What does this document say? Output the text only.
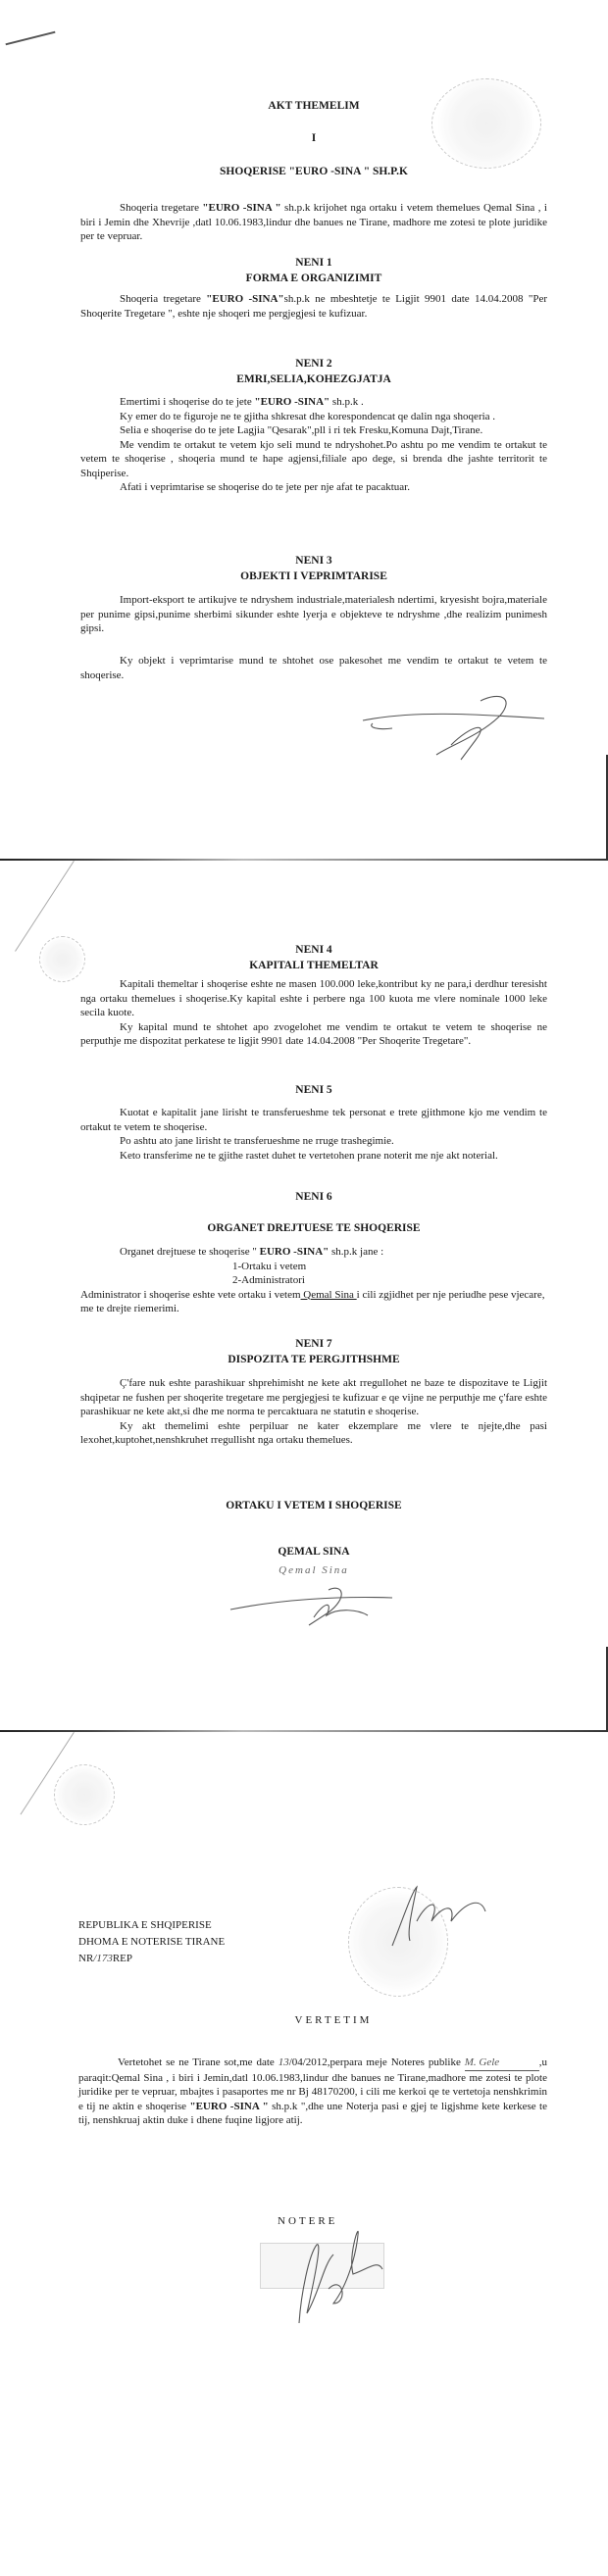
AKT THEMELIM
I
SHOQERISE "EURO -SINA " SH.P.K
Shoqeria tregetare "EURO -SINA " sh.p.k krijohet nga ortaku i vetem themelues Qemal Sina , i biri i Jemin dhe Xhevrije ,datl 10.06.1983,lindur dhe banues ne Tirane, madhore me zotesi te plote juridike per te vepruar.
NENI 1
FORMA E ORGANIZIMIT
Shoqeria tregetare "EURO -SINA"sh.p.k ne mbeshtetje te Ligjit 9901 date 14.04.2008 "Per Shoqerite Tregetare ", eshte nje shoqeri me pergjegjesi te kufizuar.
NENI 2
EMRI,SELIA,KOHEZGJATJA
Emertimi i shoqerise do te jete "EURO -SINA" sh.p.k .
Ky emer do te figuroje ne te gjitha shkresat dhe korespondencat qe dalin nga shoqeria .
Selia e shoqerise do te jete Lagjia "Qesarak",pll i ri tek Fresku,Komuna Dajt,Tirane.
Me vendim te ortakut te vetem kjo seli mund te ndryshohet.Po ashtu po me vendim te ortakut te vetem te shoqerise , shoqeria mund te hape agjensi,filiale apo dege, si brenda dhe jashte territorit te Shqiperise.
Afati i veprimtarise se shoqerise do te jete per nje afat te pacaktuar.
NENI 3
OBJEKTI I VEPRIMTARISE
Import-eksport te artikujve te ndryshem industriale,materialesh ndertimi, kryesisht bojra,materiale per punime gipsi,punime sherbimi sikunder eshte lyerja e objekteve te ndryshme ,dhe realizim punimesh gipsi.
Ky objekt i veprimtarise mund te shtohet ose pakesohet me vendim te ortakut te vetem te shoqerise.
NENI 4
KAPITALI THEMELTAR
Kapitali themeltar i shoqerise eshte ne masen 100.000 leke,kontribut ky ne para,i derdhur teresisht nga ortaku themelues i shoqerise.Ky kapital eshte i perbere nga 100 kuota me vlere nominale 1000 leke secila kuote.
Ky kapital mund te shtohet apo zvogelohet me vendim te ortakut te vetem te shoqerise ne perputhje me dispozitat perkatese te ligjit 9901 date 14.04.2008 "Per Shoqerite Tregetare".
NENI 5
Kuotat e kapitalit jane lirisht te transferueshme tek personat e trete gjithmone kjo me vendim te ortakut te vetem te shoqerise.
Po ashtu ato jane lirisht te transferueshme ne rruge trashegimie.
Keto transferime ne te gjithe rastet duhet te vertetohen prane noterit me nje akt noterial.
NENI 6
ORGANET DREJTUESE TE SHOQERISE
Organet drejtuese te shoqerise " EURO -SINA" sh.p.k jane :
1-Ortaku i vetem
2-Administratori
Administrator i shoqerise eshte vete ortaku i vetem Qemal Sina i cili zgjidhet per nje periudhe pese vjecare, me te drejte riemerimi.
NENI 7
DISPOZITA TE PERGJITHSHME
Ç'fare nuk eshte parashikuar shprehimisht ne kete akt rregullohet ne baze te dispozitave te Ligjit shqipetar ne fushen per shoqerite tregetare me pergjegjesi te kufizuar e qe vijne ne perputhje me ç'fare eshte parashikuar ne kete akt,si dhe me norma te percaktuara ne statutin e shoqerise.
Ky akt themelimi eshte perpiluar ne kater ekzemplare me vlere te njejte,dhe pasi lexohet,kuptohet,nenshkruhet rregullisht nga ortaku themelues.
ORTAKU I VETEM I SHOQERISE
QEMAL SINA
Qemal Sina
REPUBLIKA E SHQIPERISE
DHOMA E NOTERISE TIRANE
NR/173REP
VERTETIM
Vertetohet se ne Tirane sot,me date 13/04/2012,perpara meje Noteres publike M. Gele	,u paraqit:Qemal Sina , i biri i Jemin,datl 10.06.1983,lindur dhe banues ne Tirane,madhore me zotesi te plote juridike per te vepruar, mbajtes i pasaportes me nr Bj 48170200, i cili me kerkoi qe te vertetoja nenshkrimin e tij ne aktin e shoqerise "EURO -SINA " sh.p.k ",dhe une Noterja pasi e gjej te ligjshme kete kerkese te tij, nenshkruaj aktin duke i dhene fuqine ligjore atij.
NOTERE
